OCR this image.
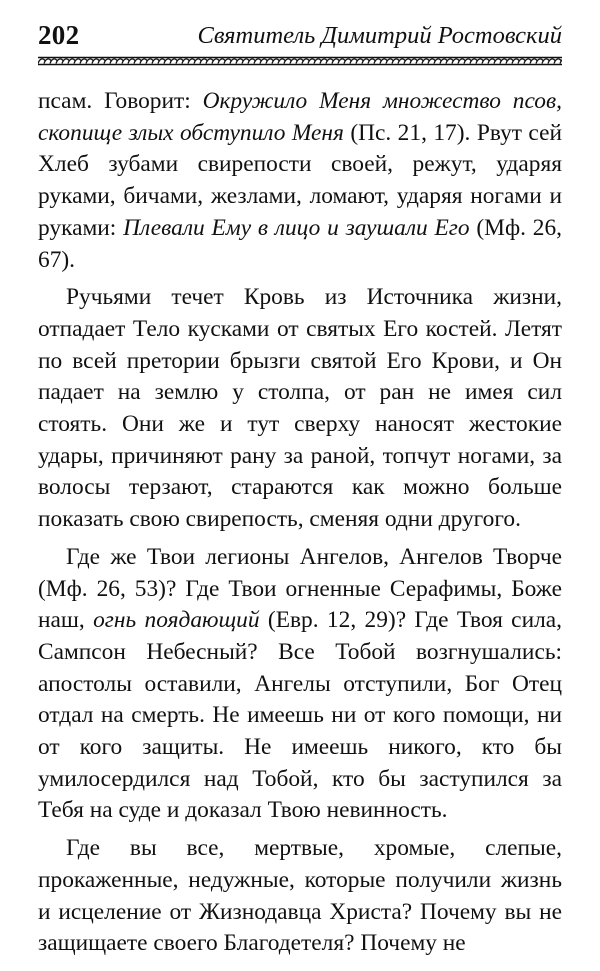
202	Святитель Димитрий Ростовский

псам. Говорит: Окружило Меня множество псов, скопище злых обступило Меня (Пс. 21, 17). Рвут сей Хлеб зубами свирепости своей, режут, ударяя руками, бичами, жезлами, ломают, ударяя ногами и руками: Плевали Ему в лицо и заушали Его (Мф. 26, 67).

Ручьями течет Кровь из Источника жизни, отпадает Тело кусками от святых Его костей. Летят по всей претории брызги святой Его Крови, и Он падает на землю у столпа, от ран не имея сил стоять. Они же и тут сверху наносят жестокие удары, причиняют рану за раной, топчут ногами, за волосы терзают, стараются как можно больше показать свою свирепость, сменяя одни другого.

Где же Твои легионы Ангелов, Ангелов Творче (Мф. 26, 53)? Где Твои огненные Серафимы, Боже наш, огнь поядающий (Евр. 12, 29)? Где Твоя сила, Сампсон Небесный? Все Тобой возгнушались: апостолы оставили, Ангелы отступили, Бог Отец отдал на смерть. Не имеешь ни от кого помощи, ни от кого защиты. Не имеешь никого, кто бы умилосердился над Тобой, кто бы заступился за Тебя на суде и доказал Твою невинность.

Где вы все, мертвые, хромые, слепые, прокаженные, недужные, которые получили жизнь и исцеление от Жизнодавца Христа? Почему вы не защищаете своего Благодетеля? Почему не
